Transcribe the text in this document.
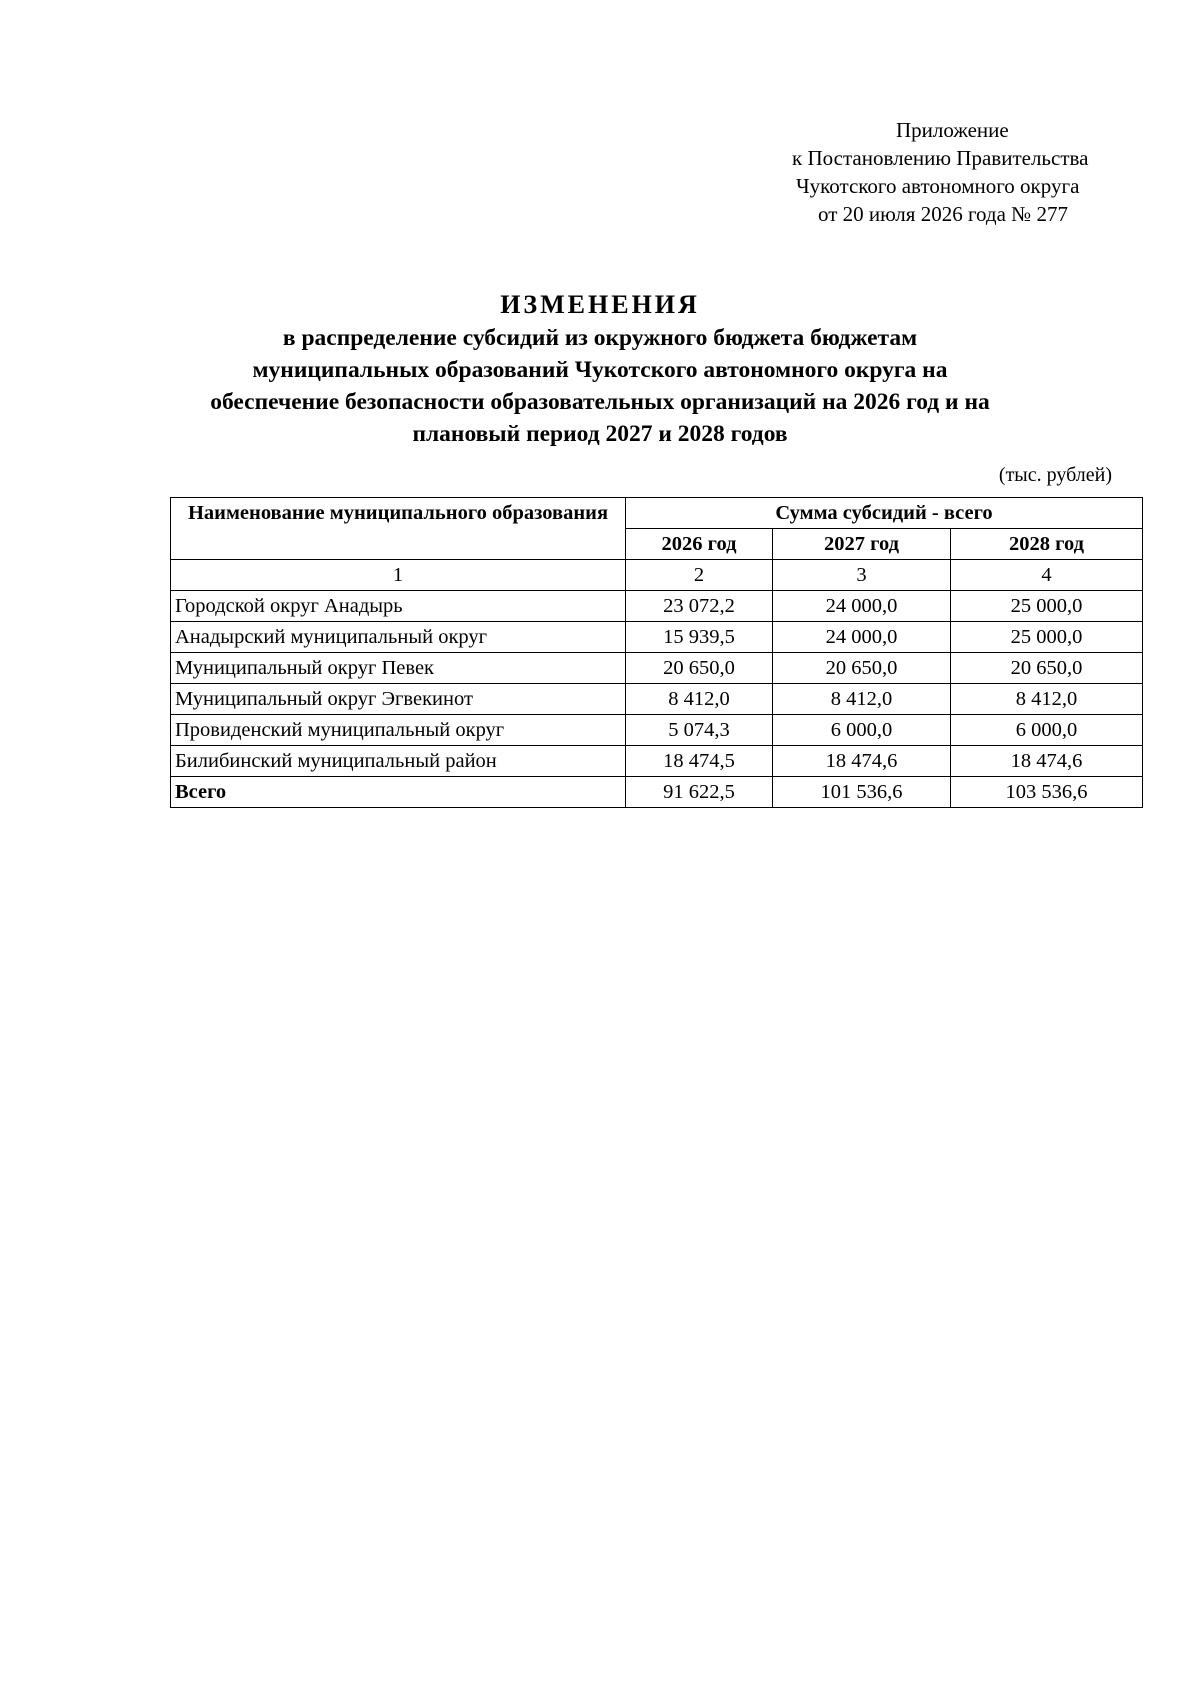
Приложение
к Постановлению Правительства
Чукотского автономного округа
от 20 июля 2026 года № 277
ИЗМЕНЕНИЯ
в распределение субсидий из окружного бюджета бюджетам
муниципальных образований Чукотского автономного округа на
обеспечение безопасности образовательных организаций на 2026 год и на
плановый период 2027 и 2028 годов
(тыс. рублей)
Наименование муниципального образования	Сумма субсидий - всего		
	2026 год	2027 год	2028 год
1	2	3	4
Городской округ Анадырь	23 072,2	24 000,0	25 000,0
Анадырский муниципальный округ	15 939,5	24 000,0	25 000,0
Муниципальный округ Певек	20 650,0	20 650,0	20 650,0
Муниципальный округ Эгвекинот	8 412,0	8 412,0	8 412,0
Провиденский муниципальный округ	5 074,3	6 000,0	6 000,0
Билибинский муниципальный район	18 474,5	18 474,6	18 474,6
Всего	91 622,5	101 536,6	103 536,6
